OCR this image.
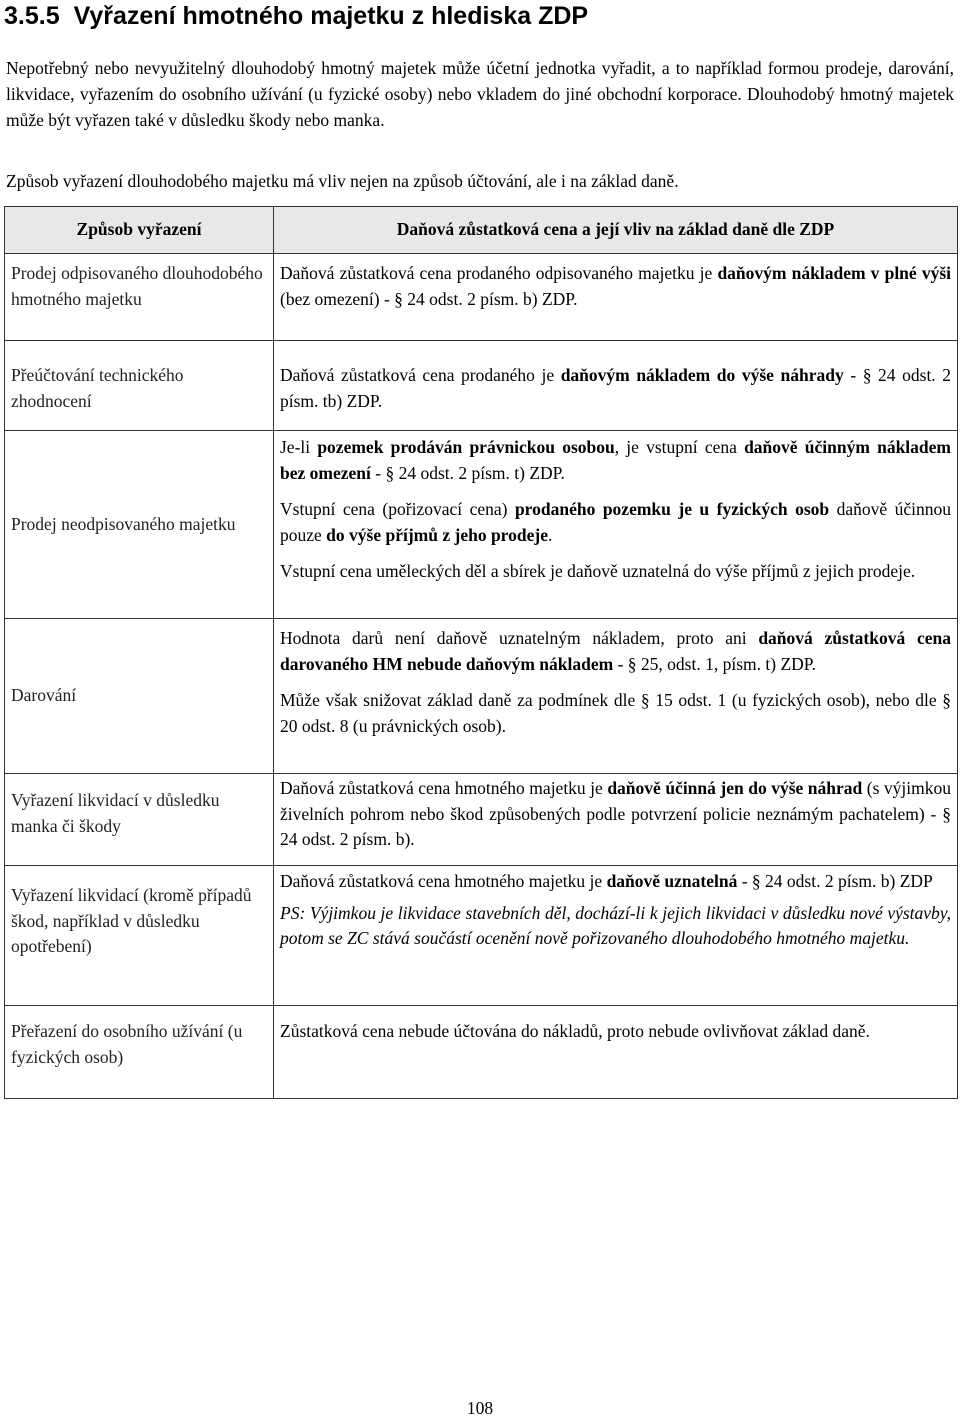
3.5.5 Vyřazení hmotného majetku z hlediska ZDP
Nepotřebný nebo nevyužitelný dlouhodobý hmotný majetek může účetní jednotka vyřadit, a to například formou prodeje, darování, likvidace, vyřazením do osobního užívání (u fyzické osoby) nebo vkladem do jiné obchodní korporace. Dlouhodobý hmotný majetek může být vyřazen také v důsledku škody nebo manka.
Způsob vyřazení dlouhodobého majetku má vliv nejen na způsob účtování, ale i na základ daně.
Způsob vyřazení	Daňová zůstatková cena a její vliv na základ daně dle ZDP

Prodej odpisovaného dlouhodobého hmotného majetku	Daňová zůstatková cena prodaného odpisovaného majetku je daňovým nákladem v plné výši (bez omezení) - § 24 odst. 2 písm. b) ZDP.

Přeúčtování technického zhodnocení	Daňová zůstatková cena prodaného je daňovým nákladem do výše náhrady - § 24 odst. 2 písm. tb) ZDP.

Prodej neodpisovaného majetku	Je-li pozemek prodáván právnickou osobou, je vstupní cena daňově účinným nákladem bez omezení - § 24 odst. 2 písm. t) ZDP.
Vstupní cena (pořizovací cena) prodaného pozemku je u fyzických osob daňově účinnou pouze do výše příjmů z jeho prodeje.
Vstupní cena uměleckých děl a sbírek je daňově uznatelná do výše příjmů z jejich prodeje.

Darování	Hodnota darů není daňově uznatelným nákladem, proto ani daňová zůstatková cena darovaného HM nebude daňovým nákladem - § 25, odst. 1, písm. t) ZDP.
Může však snižovat základ daně za podmínek dle § 15 odst. 1 (u fyzických osob), nebo dle § 20 odst. 8 (u právnických osob).

Vyřazení likvidací v důsledku manka či škody	Daňová zůstatková cena hmotného majetku je daňově účinná jen do výše náhrad (s výjimkou živelních pohrom nebo škod způsobených podle potvrzení policie neznámým pachatelem) - § 24 odst. 2 písm. b).

Vyřazení likvidací (kromě případů škod, například v důsledku opotřebení)	Daňová zůstatková cena hmotného majetku je daňově uznatelná - § 24 odst. 2 písm. b) ZDP
PS: Výjimkou je likvidace stavebních děl, dochází-li k jejich likvidaci v důsledku nové výstavby, potom se ZC stává součástí ocenění nově pořizovaného dlouhodobého hmotného majetku.

Přeřazení do osobního užívání (u fyzických osob)	Zůstatková cena nebude účtována do nákladů, proto nebude ovlivňovat základ daně.
108
